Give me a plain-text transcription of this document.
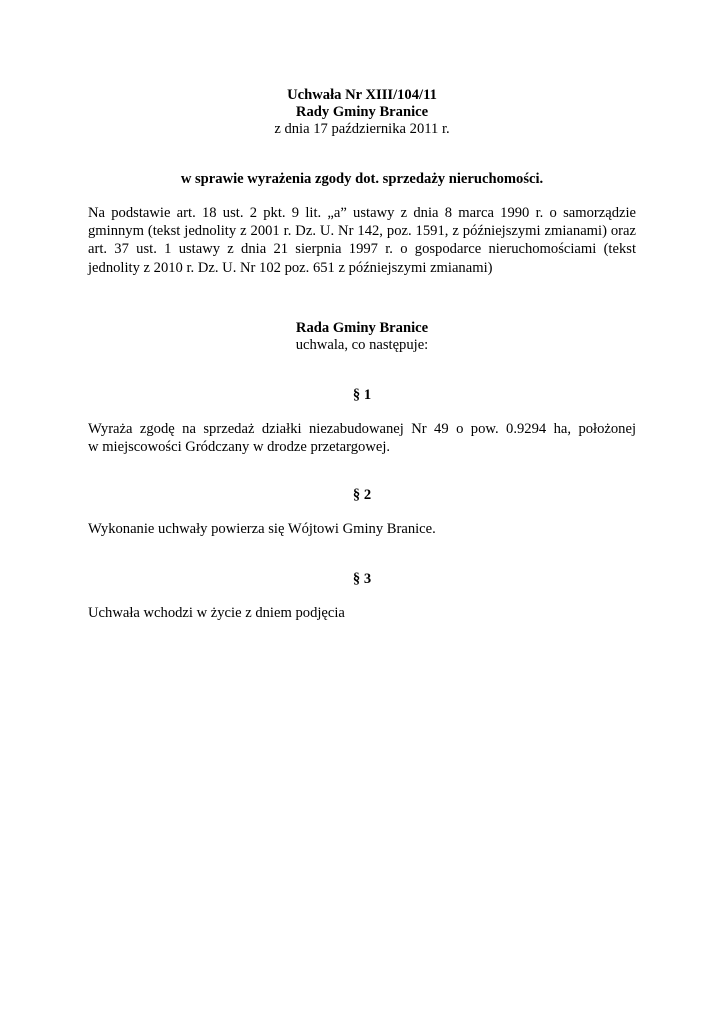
Uchwała Nr XIII/104/11
Rady Gminy Branice
z dnia 17 października 2011 r.
w sprawie wyrażenia zgody dot. sprzedaży nieruchomości.
Na podstawie art. 18 ust. 2 pkt. 9 lit. „a” ustawy z dnia 8 marca 1990 r. o samorządzie
gminnym (tekst jednolity z 2001 r. Dz. U. Nr 142, poz. 1591, z późniejszymi zmianami) oraz
art. 37 ust. 1 ustawy z dnia 21 sierpnia 1997 r. o gospodarce nieruchomościami (tekst
jednolity z 2010 r. Dz. U. Nr 102 poz. 651 z późniejszymi zmianami)
Rada Gminy Branice
uchwala, co następuje:
§ 1
Wyraża zgodę na sprzedaż działki niezabudowanej Nr 49 o pow. 0.9294 ha, położonej
w miejscowości Gródczany w drodze przetargowej.
§ 2
Wykonanie uchwały powierza się Wójtowi Gminy Branice.
§ 3
Uchwała wchodzi w życie z dniem podjęcia
